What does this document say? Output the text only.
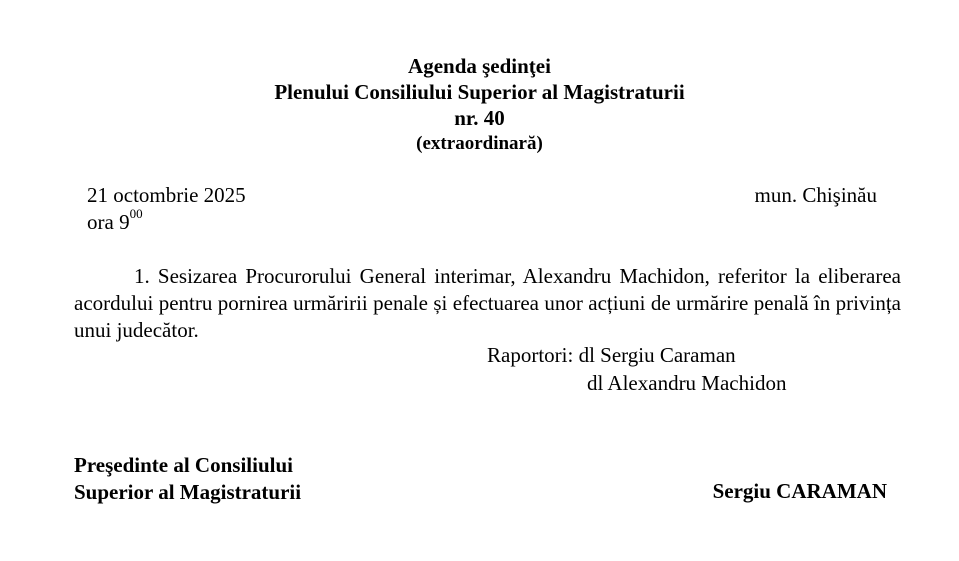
Agenda şedinţei
Plenului Consiliului Superior al Magistraturii
nr. 40
(extraordinară)
21 octombrie 2025	mun. Chişinău
ora $9^{00}$
1. Sesizarea Procurorului General interimar, Alexandru Machidon, referitor la eliberarea acordului pentru pornirea urmăririi penale și efectuarea unor acțiuni de urmărire penală în privința unui judecător.
Raportori: dl Sergiu Caraman
dl Alexandru Machidon
Preşedinte al Consiliului
Superior al Magistraturii	Sergiu CARAMAN
